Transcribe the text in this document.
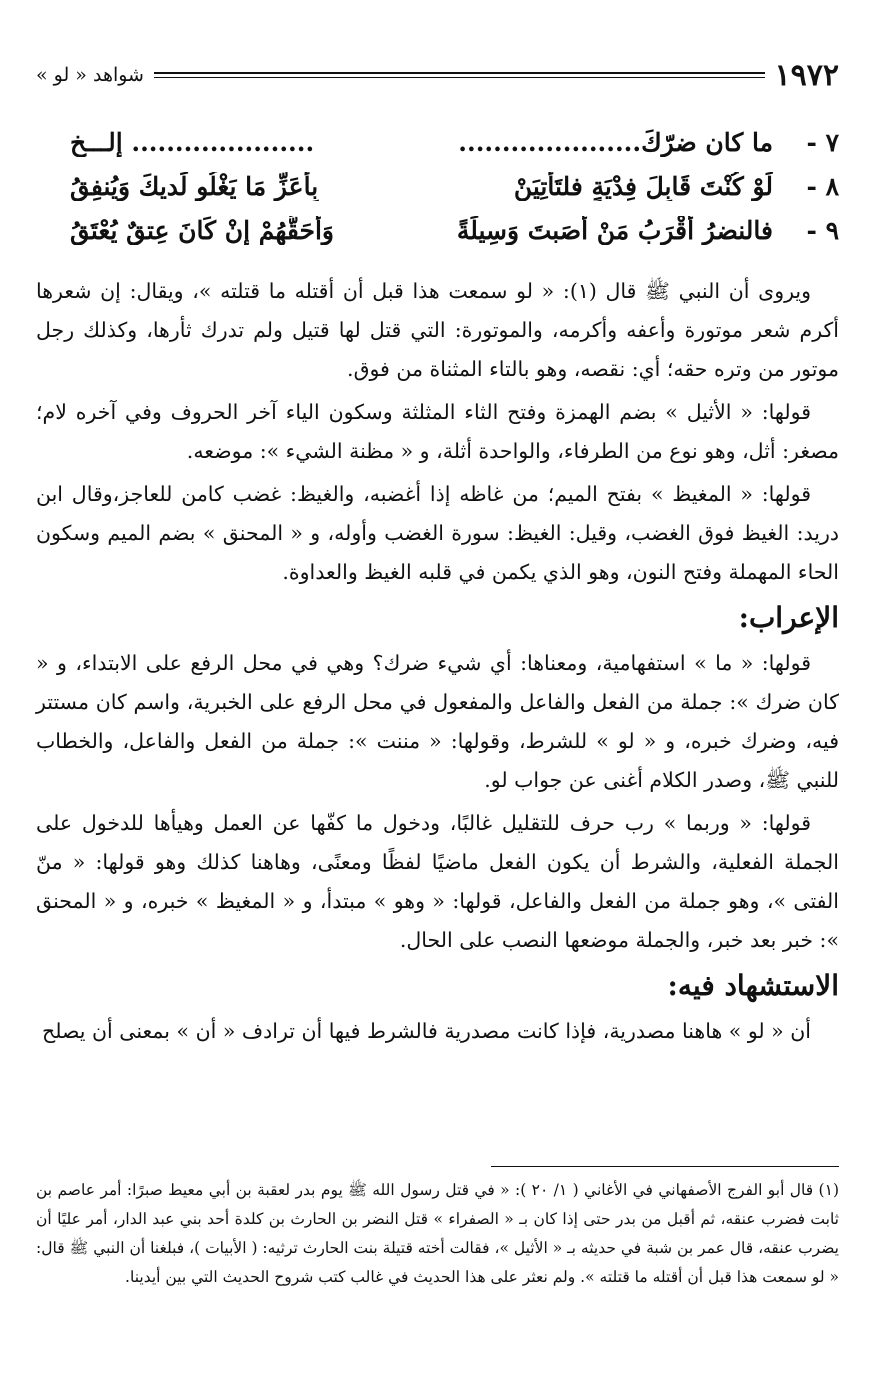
١٩٧٢
شواهد « لو »
٧ -
ما كان ضرّكَ.....................
..................... إلـــخ
٨ -
لَوْ كُنْتَ قَابِلَ فِدْيَةٍ فلتَأْتِيَنْ
بِأعَزِّ مَا يَغْلُو لَديكَ وَيُنفِقُ
٩ -
فالنضرُ أَقْرَبُ مَنْ أَصَبتَ وَسِيلَةً
وَأَحَقُّهُمْ إِنْ كَانَ عِتقٌ يُعْتَقُ

ويروى أن النبي ﷺ قال (١): « لو سمعت هذا قبل أن أقتله ما قتلته »، ويقال: إن شعرها أكرم شعر موتورة وأعفه وأكرمه، والموتورة: التي قتل لها قتيل ولم تدرك ثأرها، وكذلك رجل موتور من وتره حقه؛ أي: نقصه، وهو بالتاء المثناة من فوق.

قولها: « الأثيل » بضم الهمزة وفتح الثاء المثلثة وسكون الياء آخر الحروف وفي آخره لام؛ مصغر: أثل، وهو نوع من الطرفاء، والواحدة أثلة، و « مظنة الشيء »: موضعه.

قولها: « المغيظ » بفتح الميم؛ من غاظه إذا أغضبه، والغيظ: غضب كامن للعاجز،وقال ابن دريد: الغيظ فوق الغضب، وقيل: الغيظ: سورة الغضب وأوله، و « المحنق » بضم الميم وسكون الحاء المهملة وفتح النون، وهو الذي يكمن في قلبه الغيظ والعداوة.

الإعراب:

قولها: « ما » استفهامية، ومعناها: أي شيء ضرك؟ وهي في محل الرفع على الابتداء، و « كان ضرك »: جملة من الفعل والفاعل والمفعول في محل الرفع على الخبرية، واسم كان مستتر فيه، وضرك خبره، و « لو » للشرط، وقولها: « مننت »: جملة من الفعل والفاعل، والخطاب للنبي ﷺ، وصدر الكلام أغنى عن جواب لو.

قولها: « وربما » رب حرف للتقليل غالبًا، ودخول ما كفّها عن العمل وهيأها للدخول على الجملة الفعلية، والشرط أن يكون الفعل ماضيًا لفظًا ومعنًى، وهاهنا كذلك وهو قولها: « منّ الفتى »، وهو جملة من الفعل والفاعل، قولها: « وهو » مبتدأ، و « المغيظ » خبره، و « المحنق »: خبر بعد خبر، والجملة موضعها النصب على الحال.

الاستشهاد فيه:

أن « لو » هاهنا مصدرية، فإذا كانت مصدرية فالشرط فيها أن ترادف « أن » بمعنى أن يصلح

(١) قال أبو الفرج الأصفهاني في الأغاني ( ١/ ٢٠ ): « في قتل رسول الله ﷺ يوم بدر لعقبة بن أبي معيط صبرًا: أمر عاصم بن ثابت فضرب عنقه، ثم أقبل من بدر حتى إذا كان بـ « الصفراء » قتل النضر بن الحارث بن كلدة أحد بني عبد الدار، أمر عليًا أن يضرب عنقه، قال عمر بن شبة في حديثه بـ « الأثيل »، فقالت أخته قتيلة بنت الحارث ترثيه: ( الأبيات )، فبلغنا أن النبي ﷺ قال: « لو سمعت هذا قبل أن أقتله ما قتلته ». ولم نعثر على هذا الحديث في غالب كتب شروح الحديث التي بين أيدينا.
